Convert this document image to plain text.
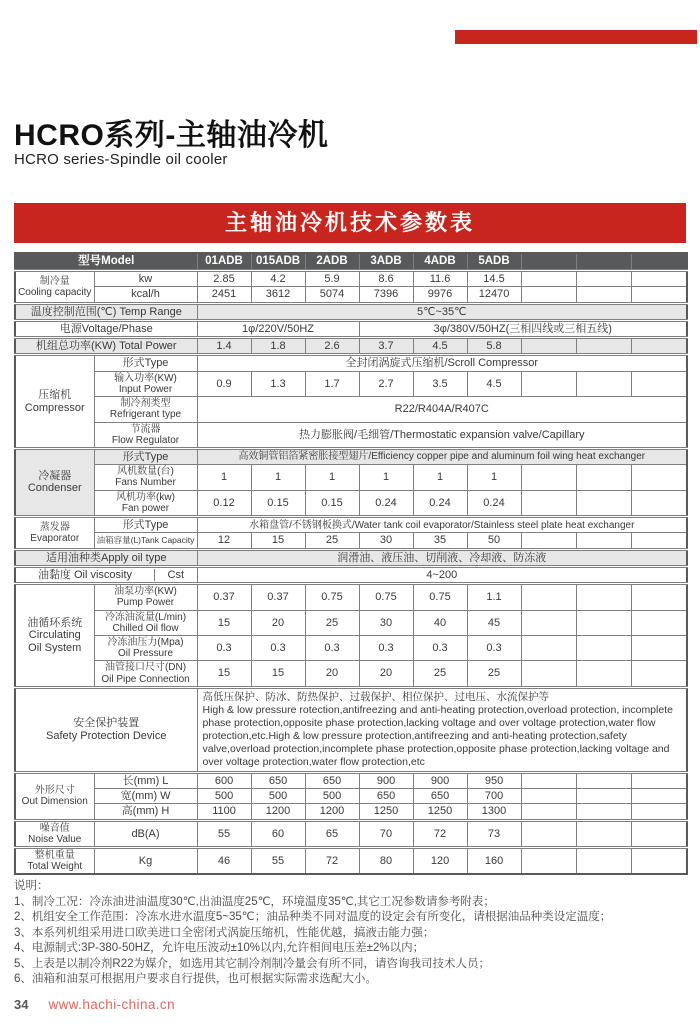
HCRO系列-主轴油冷机
HCRO series-Spindle oil cooler
主轴油冷机技术参数表
型号Model		01ADB	015ADB	2ADB	3ADB	4ADB	5ADB			
制冷量
Cooling capacity	kw	2.85	4.2	5.9	8.6	11.6	14.5			
	kcal/h	2451	3612	5074	7396	9976	12470			
温度控制范围(℃) Temp Range		5℃~35℃								
电源Voltage/Phase		1φ/220V/50HZ			3φ/380V/50HZ(三相四线或三相五线)					
机组总功率(KW) Total Power		1.4	1.8	2.6	3.7	4.5	5.8			
压缩机
Compressor	形式Type	全封闭涡旋式压缩机/Scroll Compressor								
	输入功率(KW)
Input Power	0.9	1.3	1.7	2.7	3.5	4.5			
	制冷剂类型
Refrigerant type	R22/R404A/R407C								
	节流器
Flow Regulator	热力膨胀阀/毛细管/Thermostatic expansion valve/Capillary								
冷凝器
Condenser	形式Type	高效铜管铝箔紧密胀接型翅片/Efficiency copper pipe and aluminum foil wing heat exchanger								
	风机数量(台)
Fans Number	1	1	1	1	1	1			
	风机功率(kw)
Fan power	0.12	0.15	0.15	0.24	0.24	0.24			
蒸发器
Evaporator	形式Type	水箱盘管/不锈钢板换式/Water tank coil evaporator/Stainless steel plate heat exchanger								
	油箱容量(L)Tank Capacity	12	15	25	30	35	50			
适用油种类Apply oil type		润滑油、液压油、切削液、冷却液、防冻液								

油黏度 Oil viscosity Cst		4~200								
油循环系统
Circulating
Oil System	油泵功率(KW)
Pump Power	0.37	0.37	0.75	0.75	0.75	1.1			
	冷冻油流量(L/min)
Chilled Oil flow	15	20	25	30	40	45			
	冷冻油压力(Mpa)
Oil Pressure	0.3	0.3	0.3	0.3	0.3	0.3			
	油管接口尺寸(DN)
Oil Pipe Connection	15	15	20	20	25	25			
安全保护装置
Safety Protection Device		高低压保护、防冰、防热保护、过载保护、相位保护、过电压、水流保护等
High & low pressure rotection,antifreezing and anti-heating protection,overload protection, incomplete phase protection,opposite phase protection,lacking voltage and over voltage protection,water flow protection,etc.High & low pressure protection,antifreezing and anti-heating protection,safety valve,overload protection,incomplete phase protection,opposite phase protection,lacking voltage and over voltage protection,water flow protection,etc								
外形尺寸
Out Dimension	长(mm) L	600	650	650	900	900	950			
	宽(mm) W	500	500	500	650	650	700			
	高(mm) H	1100	1200	1200	1250	1250	1300			
噪音值
Noise Value	dB(A)	55	60	65	70	72	73			
整机重量
Total Weight	Kg	46	55	72	80	120	160			
说明：
1、制冷工况：冷冻油进油温度30℃,出油温度25℃，环境温度35℃,其它工况参数请参考附表；
2、机组安全工作范围：冷冻水进水温度5~35℃；油品种类不同对温度的设定会有所变化，请根据油品种类设定温度；
3、本系列机组采用进口欧美进口全密闭式涡旋压缩机，性能优越，搞液击能力强；
4、电源制式:3P-380-50HZ，允许电压波动±10%以内,允许相间电压差±2%以内；
5、上表是以制冷剂R22为媒介，如选用其它制冷剂制冷量会有所不同，请咨询我司技术人员；
6、油箱和油泵可根据用户要求自行提供，也可根据实际需求选配大小。
34 www.hachi-china.cn
